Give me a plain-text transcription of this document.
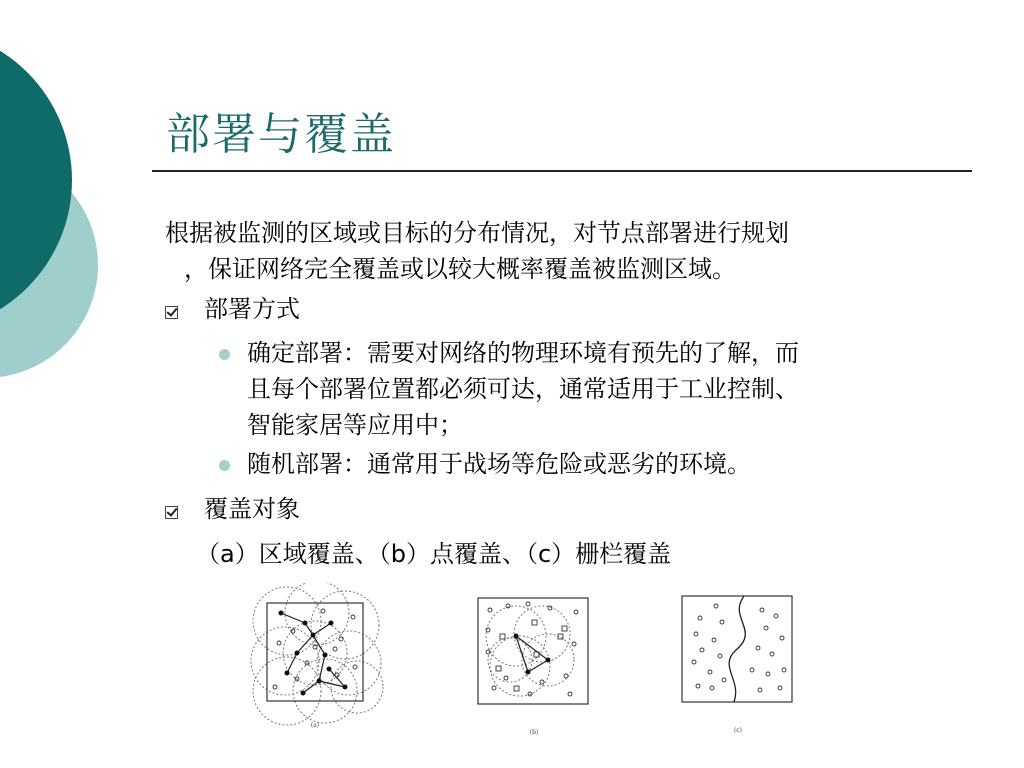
部署与覆盖
根据被监测的区域或目标的分布情况，对节点部署进行规划
，保证网络完全覆盖或以较大概率覆盖被监测区域。
部署方式
确定部署：需要对网络的物理环境有预先的了解，而
且每个部署位置都必须可达，通常适用于工业控制、
智能家居等应用中；
随机部署：通常用于战场等危险或恶劣的环境。
覆盖对象
（a）区域覆盖、（b）点覆盖、（c）栅栏覆盖
(a)
(b)	(c)
